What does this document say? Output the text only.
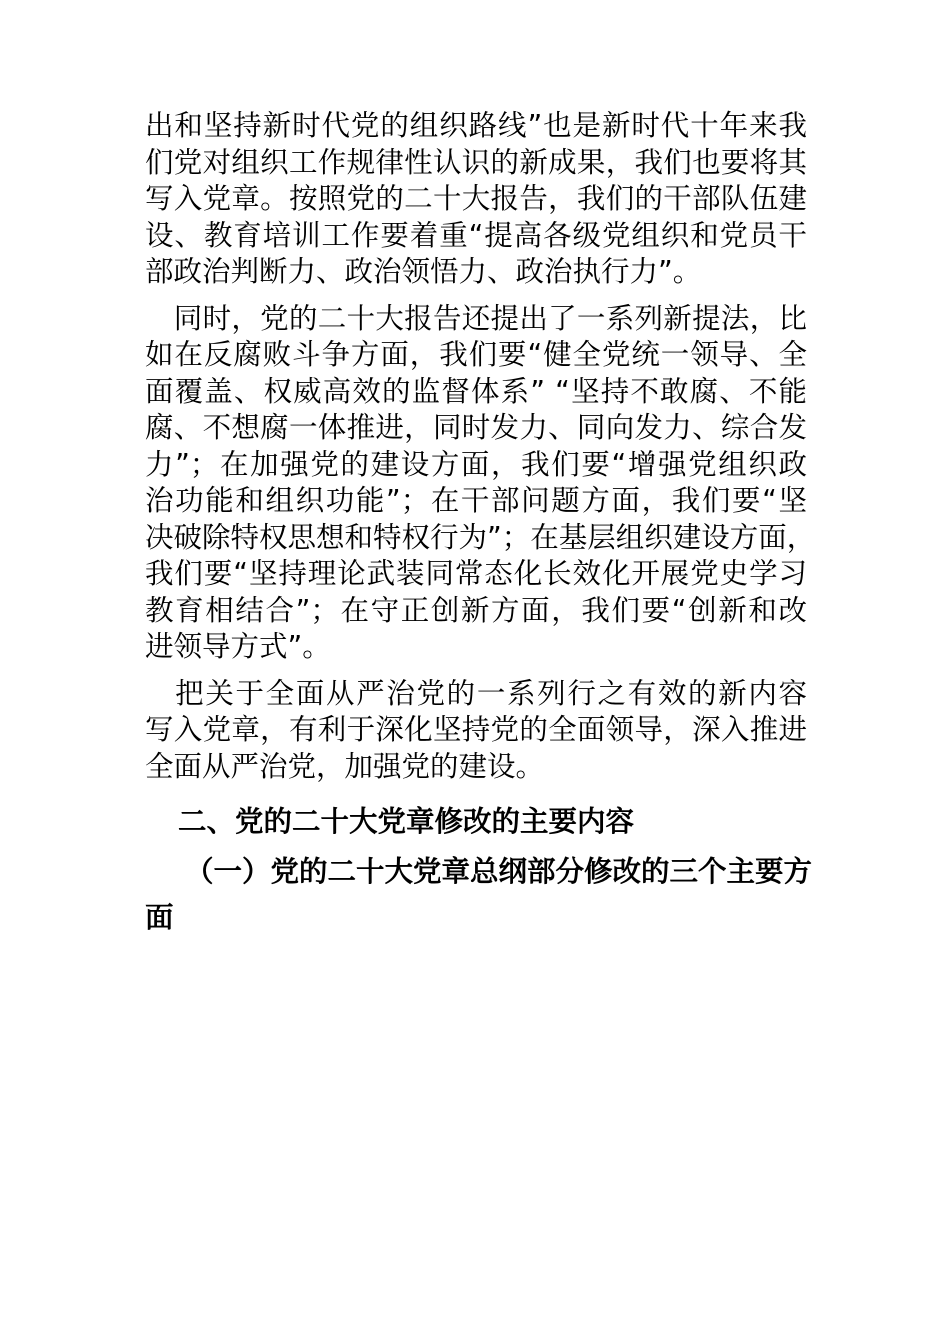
出和坚持新时代党的组织路线”也是新时代十年来我
们党对组织工作规律性认识的新成果，我们也要将其
写入党章。按照党的二十大报告，我们的干部队伍建
设、教育培训工作要着重“提高各级党组织和党员干
部政治判断力、政治领悟力、政治执行力”。
　同时，党的二十大报告还提出了一系列新提法，比
如在反腐败斗争方面，我们要“健全党统一领导、全
面覆盖、权威高效的监督体系” “坚持不敢腐、不能
腐、不想腐一体推进，同时发力、同向发力、综合发
力”；在加强党的建设方面，我们要“增强党组织政
治功能和组织功能”；在干部问题方面，我们要“坚
决破除特权思想和特权行为”；在基层组织建设方面，
我们要“坚持理论武装同常态化长效化开展党史学习
教育相结合”；在守正创新方面，我们要“创新和改
进领导方式”。
　把关于全面从严治党的一系列行之有效的新内容
写入党章，有利于深化坚持党的全面领导，深入推进
全面从严治党，加强党的建设。
二、党的二十大党章修改的主要内容
（一）党的二十大党章总纲部分修改的三个主要方
面
